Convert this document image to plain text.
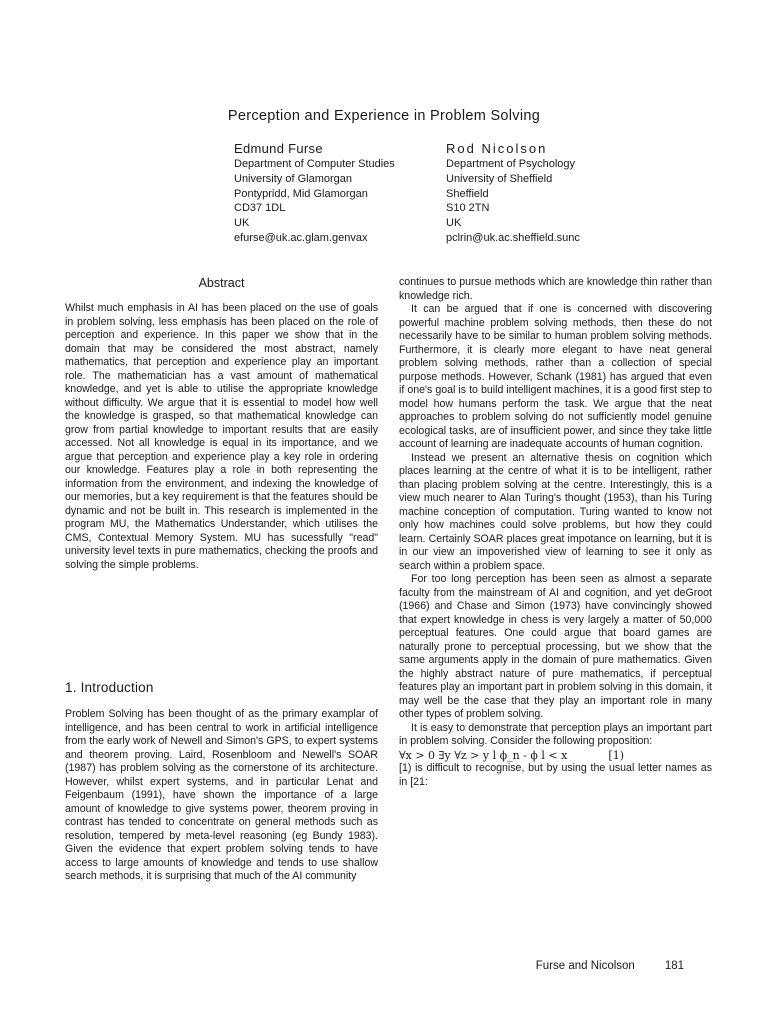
Perception and Experience in Problem Solving
Edmund Furse
Department of Computer Studies
University of Glamorgan
Pontypridd, Mid Glamorgan
CD37 1DL
UK
efurse@uk.ac.glam.genvax
Rod Nicolson
Department of Psychology
University of Sheffield
Sheffield
S10 2TN
UK
pclrin@uk.ac.sheffield.sunc
Abstract

Whilst much emphasis in AI has been placed on the use of goals in problem solving, less emphasis has been placed on the role of perception and experience. In this paper we show that in the domain that may be considered the most abstract, namely mathematics, that perception and experience play an important role. The mathematician has a vast amount of mathematical knowledge, and yet is able to utilise the appropriate knowledge without difficulty. We argue that it is essential to model how well the knowledge is grasped, so that mathematical knowledge can grow from partial knowledge to important results that are easily accessed. Not all knowledge is equal in its importance, and we argue that perception and experience play a key role in ordering our knowledge. Features play a role in both representing the information from the environment, and indexing the knowledge of our memories, but a key requirement is that the features should be dynamic and not be built in. This research is implemented in the program MU, the Mathematics Understander, which utilises the CMS, Contextual Memory System. MU has sucessfully "read" university level texts in pure mathematics, checking the proofs and solving the simple problems.

1. Introduction

Problem Solving has been thought of as the primary examplar of intelligence, and has been central to work in artificial intelligence from the early work of Newell and Simon's GPS, to expert systems and theorem proving. Laird, Rosenbloom and Newell's SOAR (1987) has problem solving as the cornerstone of its architecture. However, whilst expert systems, and in particular Lenat and Feigenbaum (1991), have shown the importance of a large amount of knowledge to give systems power, theorem proving in contrast has tended to concentrate on general methods such as resolution, tempered by meta-level reasoning (eg Bundy 1983). Given the evidence that expert problem solving tends to have access to large amounts of knowledge and tends to use shallow search methods, it is surprising that much of the AI community

continues to pursue methods which are knowledge thin rather than knowledge rich.

It can be argued that if one is concerned with discovering powerful machine problem solving methods, then these do not necessarily have to be similar to human problem solving methods. Furthermore, it is clearly more elegant to have neat general problem solving methods, rather than a collection of special purpose methods. However, Schank (1981) has argued that even if one's goal is to build intelligent machines, it is a good first step to model how humans perform the task. We argue that the neat approaches to problem solving do not sufficiently model genuine ecological tasks, are of insufficient power, and since they take little account of learning are inadequate accounts of human cognition.

Instead we present an alternative thesis on cognition which places learning at the centre of what it is to be intelligent, rather than placing problem solving at the centre. Interestingly, this is a view much nearer to Alan Turing's thought (1953), than his Turing machine conception of computation. Turing wanted to know not only how machines could solve problems, but how they could learn. Certainly SOAR places great impotance on learning, but it is in our view an impoverished view of learning to see it only as search within a problem space.

For too long perception has been seen as almost a separate faculty from the mainstream of AI and cognition, and yet deGroot (1966) and Chase and Simon (1973) have convincingly showed that expert knowledge in chess is very largely a matter of 50,000 perceptual features. One could argue that board games are naturally prone to perceptual processing, but we show that the same arguments apply in the domain of pure mathematics. Given the highly abstract nature of pure mathematics, if perceptual features play an important part in problem solving in this domain, it may well be the case that they play an important role in many other types of problem solving.

It is easy to demonstrate that perception plays an important part in problem solving. Consider the following proposition:

∀x > 0 ∃y ∀z > y l ϕ_n - ϕ l < x	[1)

[1) is difficult to recognise, but by using the usual letter names as in [21:

Furse and Nicolson	181
